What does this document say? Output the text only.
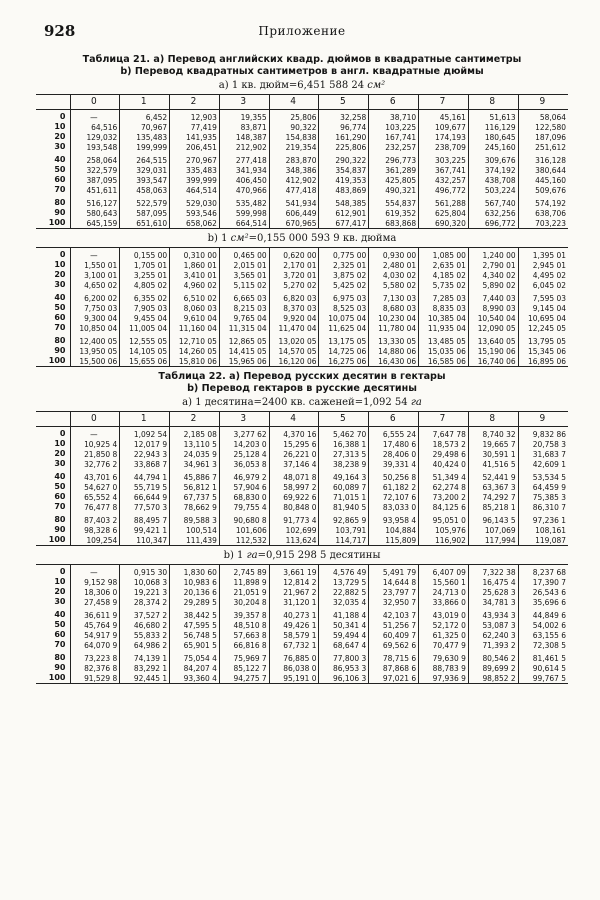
928	Приложение
Таблица 21. а) Перевод английских квадр. дюймов в квадратные сантиметры
b) Перевод квадратных сантиметров в англ. квадратные дюймы
а) 1 кв. дюйм=6,451 588 24 см²
	0	1	2	3	4	5	6	7	8	9
0	—	6,452	12,903	19,355	25,806	32,258	38,710	45,161	51,613	58,064
10	64,516	70,967	77,419	83,871	90,322	96,774	103,225	109,677	116,129	122,580
20	129,032	135,483	141,935	148,387	154,838	161,290	167,741	174,193	180,645	187,096
30	193,548	199,999	206,451	212,902	219,354	225,806	232,257	238,709	245,160	251,612
40	258,064	264,515	270,967	277,418	283,870	290,322	296,773	303,225	309,676	316,128
50	322,579	329,031	335,483	341,934	348,386	354,837	361,289	367,741	374,192	380,644
60	387,095	393,547	399,999	406,450	412,902	419,353	425,805	432,257	438,708	445,160
70	451,611	458,063	464,514	470,966	477,418	483,869	490,321	496,772	503,224	509,676
80	516,127	522,579	529,030	535,482	541,934	548,385	554,837	561,288	567,740	574,192
90	580,643	587,095	593,546	599,998	606,449	612,901	619,352	625,804	632,256	638,706
100	645,159	651,610	658,062	664,514	670,965	677,417	683,868	690,320	696,772	703,223
b) 1 см²=0,155 000 593 9 кв. дюйма
0	—	0,155 00	0,310 00	0,465 00	0,620 00	0,775 00	0,930 00	1,085 00	1,240 00	1,395 01
10	1,550 01	1,705 01	1,860 01	2,015 01	2,170 01	2,325 01	2,480 01	2,635 01	2,790 01	2,945 01
20	3,100 01	3,255 01	3,410 01	3,565 01	3,720 01	3,875 02	4,030 02	4,185 02	4,340 02	4,495 02
30	4,650 02	4,805 02	4,960 02	5,115 02	5,270 02	5,425 02	5,580 02	5,735 02	5,890 02	6,045 02
40	6,200 02	6,355 02	6,510 02	6,665 03	6,820 03	6,975 03	7,130 03	7,285 03	7,440 03	7,595 03
50	7,750 03	7,905 03	8,060 03	8,215 03	8,370 03	8,525 03	8,680 03	8,835 03	8,990 03	9,145 04
60	9,300 04	9,455 04	9,610 04	9,765 04	9,920 04	10,075 04	10,230 04	10,385 04	10,540 04	10,695 04
70	10,850 04	11,005 04	11,160 04	11,315 04	11,470 04	11,625 04	11,780 04	11,935 04	12,090 05	12,245 05
80	12,400 05	12,555 05	12,710 05	12,865 05	13,020 05	13,175 05	13,330 05	13,485 05	13,640 05	13,795 05
90	13,950 05	14,105 05	14,260 05	14,415 05	14,570 05	14,725 06	14,880 06	15,035 06	15,190 06	15,345 06
100	15,500 06	15,655 06	15,810 06	15,965 06	16,120 06	16,275 06	16,430 06	16,585 06	16,740 06	16,895 06
Таблица 22. а) Перевод русских десятин в гектары
b) Перевод гектаров в русские десятины
а) 1 десятина=2400 кв. саженей=1,092 54 га
	0	1	2	3	4	5	6	7	8	9
0	—	1,092 54	2,185 08	3,277 62	4,370 16	5,462 70	6,555 24	7,647 78	8,740 32	9,832 86
10	10,925 4	12,017 9	13,110 5	14,203 0	15,295 6	16,388 1	17,480 6	18,573 2	19,665 7	20,758 3
20	21,850 8	22,943 3	24,035 9	25,128 4	26,221 0	27,313 5	28,406 0	29,498 6	30,591 1	31,683 7
30	32,776 2	33,868 7	34,961 3	36,053 8	37,146 4	38,238 9	39,331 4	40,424 0	41,516 5	42,609 1
40	43,701 6	44,794 1	45,886 7	46,979 2	48,071 8	49,164 3	50,256 8	51,349 4	52,441 9	53,534 5
50	54,627 0	55,719 5	56,812 1	57,904 6	58,997 2	60,089 7	61,182 2	62,274 8	63,367 3	64,459 9
60	65,552 4	66,644 9	67,737 5	68,830 0	69,922 6	71,015 1	72,107 6	73,200 2	74,292 7	75,385 3
70	76,477 8	77,570 3	78,662 9	79,755 4	80,848 0	81,940 5	83,033 0	84,125 6	85,218 1	86,310 7
80	87,403 2	88,495 7	89,588 3	90,680 8	91,773 4	92,865 9	93,958 4	95,051 0	96,143 5	97,236 1
90	98,328 6	99,421 1	100,514	101,606	102,699	103,791	104,884	105,976	107,069	108,161
100	109,254	110,347	111,439	112,532	113,624	114,717	115,809	116,902	117,994	119,087
b) 1 га=0,915 298 5 десятины
0	—	0,915 30	1,830 60	2,745 89	3,661 19	4,576 49	5,491 79	6,407 09	7,322 38	8,237 68
10	9,152 98	10,068 3	10,983 6	11,898 9	12,814 2	13,729 5	14,644 8	15,560 1	16,475 4	17,390 7
20	18,306 0	19,221 3	20,136 6	21,051 9	21,967 2	22,882 5	23,797 7	24,713 0	25,628 3	26,543 6
30	27,458 9	28,374 2	29,289 5	30,204 8	31,120 1	32,035 4	32,950 7	33,866 0	34,781 3	35,696 6
40	36,611 9	37,527 2	38,442 5	39,357 8	40,273 1	41,188 4	42,103 7	43,019 0	43,934 3	44,849 6
50	45,764 9	46,680 2	47,595 5	48,510 8	49,426 1	50,341 4	51,256 7	52,172 0	53,087 3	54,002 6
60	54,917 9	55,833 2	56,748 5	57,663 8	58,579 1	59,494 4	60,409 7	61,325 0	62,240 3	63,155 6
70	64,070 9	64,986 2	65,901 5	66,816 8	67,732 1	68,647 4	69,562 6	70,477 9	71,393 2	72,308 5
80	73,223 8	74,139 1	75,054 4	75,969 7	76,885 0	77,800 3	78,715 6	79,630 9	80,546 2	81,461 5
90	82,376 8	83,292 1	84,207 4	85,122 7	86,038 0	86,953 3	87,868 6	88,783 9	89,699 2	90,614 5
100	91,529 8	92,445 1	93,360 4	94,275 7	95,191 0	96,106 3	97,021 6	97,936 9	98,852 2	99,767 5
